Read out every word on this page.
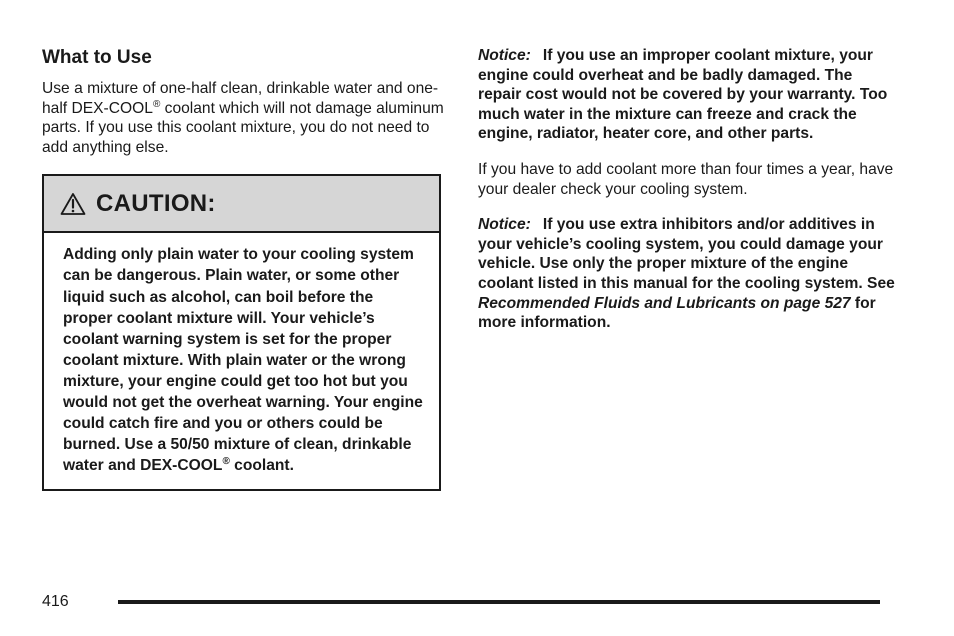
What to Use

Use a mixture of one-half clean, drinkable water and one-half DEX-COOL® coolant which will not damage aluminum parts. If you use this coolant mixture, you do not need to add anything else.

CAUTION:
Adding only plain water to your cooling system can be dangerous. Plain water, or some other liquid such as alcohol, can boil before the proper coolant mixture will. Your vehicle’s coolant warning system is set for the proper coolant mixture. With plain water or the wrong mixture, your engine could get too hot but you would not get the overheat warning. Your engine could catch fire and you or others could be burned. Use a 50/50 mixture of clean, drinkable water and DEX-COOL® coolant.

Notice: If you use an improper coolant mixture, your engine could overheat and be badly damaged. The repair cost would not be covered by your warranty. Too much water in the mixture can freeze and crack the engine, radiator, heater core, and other parts.

If you have to add coolant more than four times a year, have your dealer check your cooling system.

Notice: If you use extra inhibitors and/or additives in your vehicle’s cooling system, you could damage your vehicle. Use only the proper mixture of the engine coolant listed in this manual for the cooling system. See Recommended Fluids and Lubricants on page 527 for more information.

416
